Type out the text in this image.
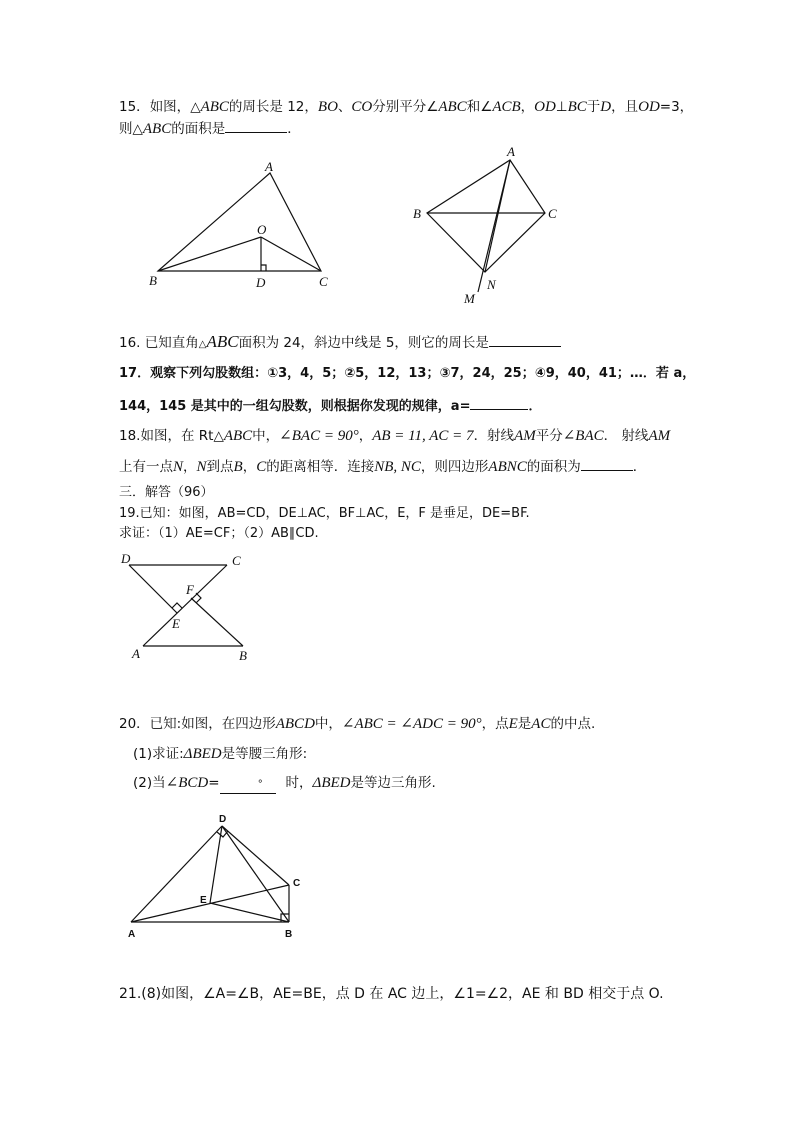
15．如图，△ABC的周长是 12，BO、CO分别平分∠ABC和∠ACB，OD⊥BC于D，且OD=3，
则△ABC的面积是	．
A
O
B	D	C
A
B	C
N
M
D	C
F
E
A	B
D
C
E
A	B
16. 已知直角△ABC面积为 24，斜边中线是 5，则它的周长是
17．观察下列勾股数组：①3，4，5；②5，12，13；③7，24，25；④9，40，41；…．若 a，
144，145 是其中的一组勾股数，则根据你发现的规律，a=	．
18.如图，在 Rt△ABC中，∠BAC = 90°，AB = 11, AC = 7．射线AM平分∠BAC． 射线AM
上有一点N，N到点B，C的距离相等．连接NB, NC，则四边形ABNC的面积为	．
三．解答（96）
19.已知：如图，AB=CD，DE⊥AC，BF⊥AC，E，F 是垂足，DE=BF.
求证：（1）AE=CF；（2）AB∥CD.
20．已知:如图，在四边形ABCD中，∠ABC = ∠ADC = 90°，点E是AC的中点.
(1)求证:ΔBED是等腰三角形:
(2)当∠BCD=	° 时，ΔBED是等边三角形.
21.(8)如图，∠A=∠B，AE=BE，点 D 在 AC 边上，∠1=∠2，AE 和 BD 相交于点 O.
